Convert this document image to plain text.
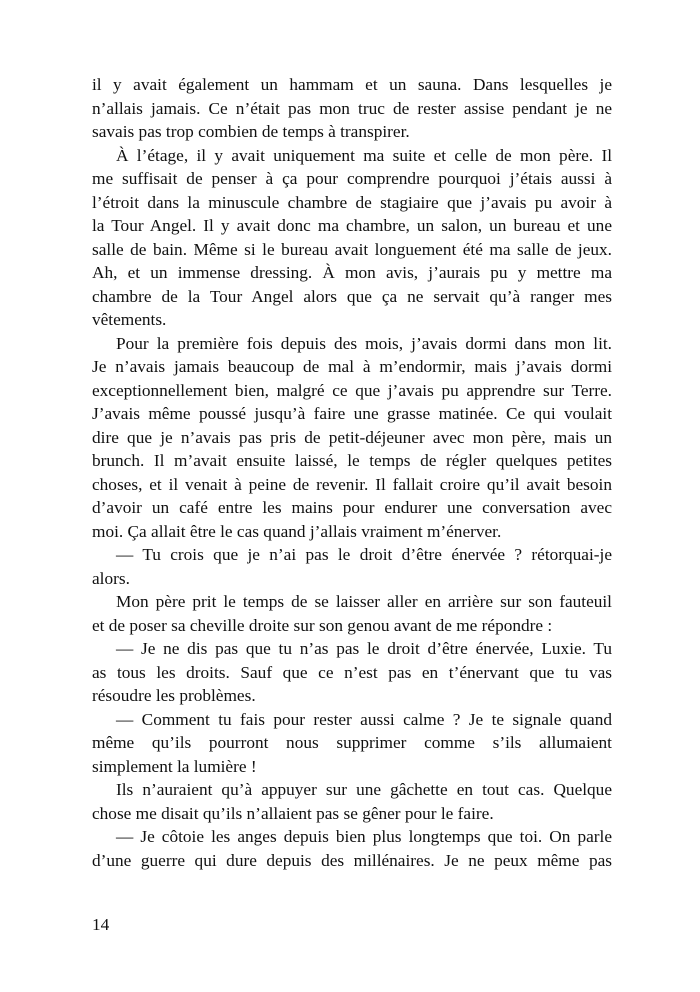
il y avait également un hammam et un sauna. Dans lesquelles je
n’allais jamais. Ce n’était pas mon truc de rester assise pendant je ne
savais pas trop combien de temps à transpirer.
À l’étage, il y avait uniquement ma suite et celle de mon père. Il
me suffisait de penser à ça pour comprendre pourquoi j’étais aussi à
l’étroit dans la minuscule chambre de stagiaire que j’avais pu avoir à
la Tour Angel. Il y avait donc ma chambre, un salon, un bureau et une
salle de bain. Même si le bureau avait longuement été ma salle de jeux.
Ah, et un immense dressing. À mon avis, j’aurais pu y mettre ma
chambre de la Tour Angel alors que ça ne servait qu’à ranger mes
vêtements.
Pour la première fois depuis des mois, j’avais dormi dans mon lit.
Je n’avais jamais beaucoup de mal à m’endormir, mais j’avais dormi
exceptionnellement bien, malgré ce que j’avais pu apprendre sur Terre.
J’avais même poussé jusqu’à faire une grasse matinée. Ce qui voulait
dire que je n’avais pas pris de petit-déjeuner avec mon père, mais un
brunch. Il m’avait ensuite laissé, le temps de régler quelques petites
choses, et il venait à peine de revenir. Il fallait croire qu’il avait besoin
d’avoir un café entre les mains pour endurer une conversation avec
moi. Ça allait être le cas quand j’allais vraiment m’énerver.
— Tu crois que je n’ai pas le droit d’être énervée ? rétorquai-je
alors.
Mon père prit le temps de se laisser aller en arrière sur son fauteuil
et de poser sa cheville droite sur son genou avant de me répondre :
— Je ne dis pas que tu n’as pas le droit d’être énervée, Luxie. Tu
as tous les droits. Sauf que ce n’est pas en t’énervant que tu vas
résoudre les problèmes.
— Comment tu fais pour rester aussi calme ? Je te signale quand
même qu’ils pourront nous supprimer comme s’ils allumaient
simplement la lumière !
Ils n’auraient qu’à appuyer sur une gâchette en tout cas. Quelque
chose me disait qu’ils n’allaient pas se gêner pour le faire.
— Je côtoie les anges depuis bien plus longtemps que toi. On parle
d’une guerre qui dure depuis des millénaires. Je ne peux même pas
14
